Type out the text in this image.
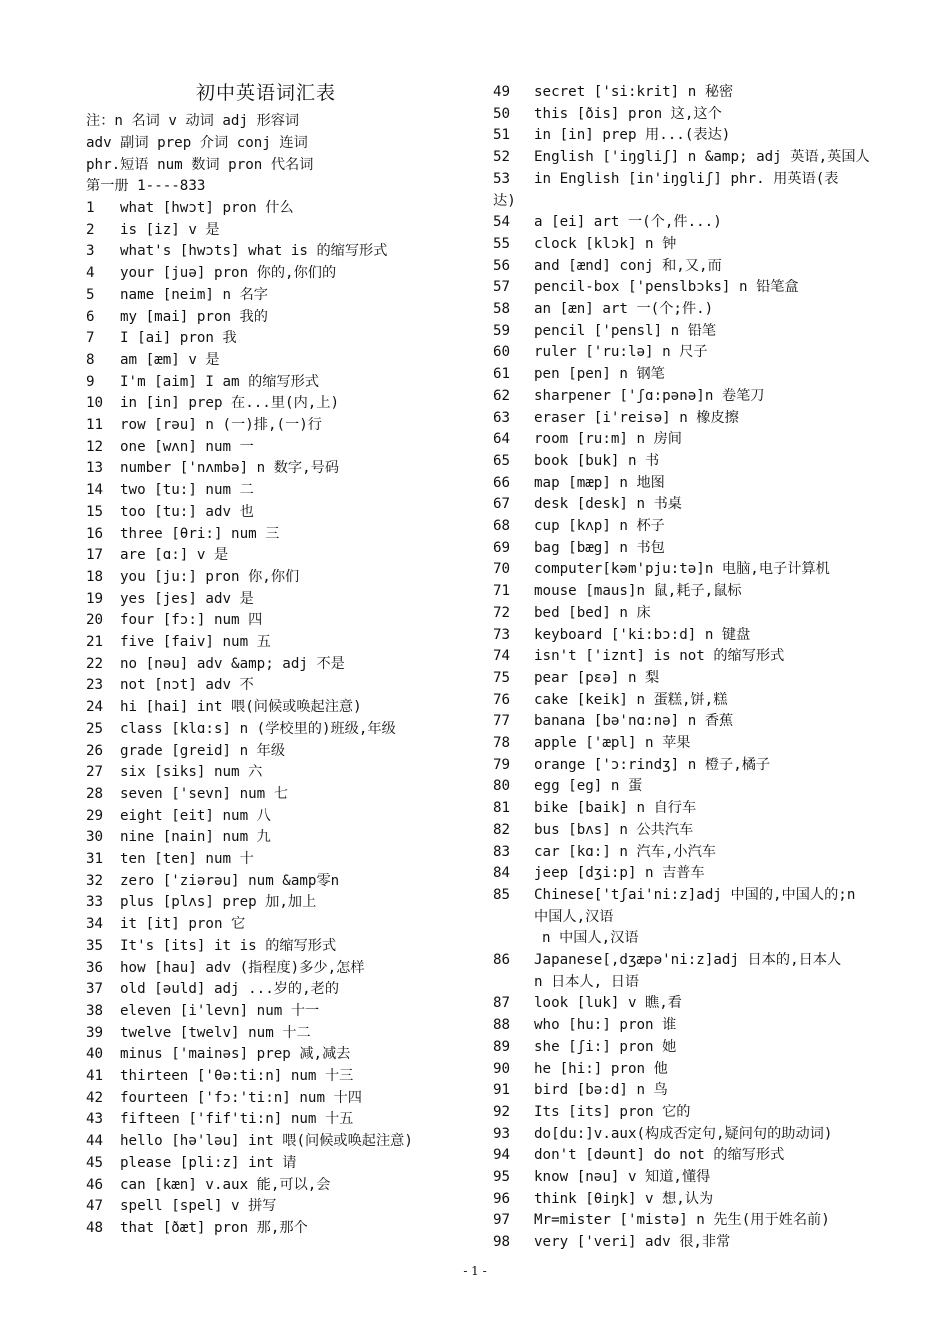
初中英语词汇表
注：n 名词 v 动词 adj 形容词
adv 副词 prep 介词 conj 连词
phr.短语 num 数词 pron 代名词
第一册 1----833
1 what [hwɔt] pron 什么
2 is [iz] v 是
3 what's [hwɔts] what is 的缩写形式
4 your [juə] pron 你的,你们的
5 name [neim] n 名字
6 my [mai] pron 我的
7 I [ai] pron 我
8 am [æm] v 是
9 I'm [aim] I am 的缩写形式
10 in [in] prep 在...里(内,上)
11 row [rəu] n (一)排,(一)行
12 one [wʌn] num 一
13 number ['nʌmbə] n 数字,号码
14 two [tu:] num 二
15 too [tu:] adv 也
16 three [θri:] num 三
17 are [ɑ:] v 是
18 you [ju:] pron 你,你们
19 yes [jes] adv 是
20 four [fɔ:] num 四
21 five [faiv] num 五
22 no [nəu] adv &amp; adj 不是
23 not [nɔt] adv 不
24 hi [hai] int 喂(问候或唤起注意)
25 class [klɑ:s] n (学校里的)班级,年级
26 grade [greid] n 年级
27 six [siks] num 六
28 seven ['sevn] num 七
29 eight [eit] num 八
30 nine [nain] num 九
31 ten [ten] num 十
32 zero ['ziərəu] num &amp零n
33 plus [plʌs] prep 加,加上
34 it [it] pron 它
35 It's [its] it is 的缩写形式
36 how [hau] adv (指程度)多少,怎样
37 old [əuld] adj ...岁的,老的
38 eleven [i'levn] num 十一
39 twelve [twelv] num 十二
40 minus ['mainəs] prep 减,减去
41 thirteen ['θə:ti:n] num 十三
42 fourteen ['fɔ:'ti:n] num 十四
43 fifteen ['fif'ti:n] num 十五
44 hello [hə'ləu] int 喂(问候或唤起注意)
45 please [pli:z] int 请
46 can [kæn] v.aux 能,可以,会
47 spell [spel] v 拼写
48 that [ðæt] pron 那,那个
49 secret ['si:krit] n 秘密
50 this [ðis] pron 这,这个
51 in [in] prep 用...(表达)
52 English ['iŋgliʃ] n &amp; adj 英语,英国人
53 in English [in'iŋgliʃ] phr. 用英语(表
达)
54 a [ei] art 一(个,件...)
55 clock [klɔk] n 钟
56 and [ænd] conj 和,又,而
57 pencil-box ['penslbɔks] n 铅笔盒
58 an [æn] art 一(个;件.)
59 pencil ['pensl] n 铅笔
60 ruler ['ru:lə] n 尺子
61 pen [pen] n 钢笔
62 sharpener ['ʃɑ:pənə]n 卷笔刀
63 eraser [i'reisə] n 橡皮擦
64 room [ru:m] n 房间
65 book [buk] n 书
66 map [mæp] n 地图
67 desk [desk] n 书桌
68 cup [kʌp] n 杯子
69 bag [bæg] n 书包
70 computer[kəm'pju:tə]n 电脑,电子计算机
71 mouse [maus]n 鼠,耗子,鼠标
72 bed [bed] n 床
73 keyboard ['ki:bɔ:d] n 键盘
74 isn't ['iznt] is not 的缩写形式
75 pear [pεə] n 梨
76 cake [keik] n 蛋糕,饼,糕
77 banana [bə'nɑ:nə] n 香蕉
78 apple ['æpl] n 苹果
79 orange ['ɔ:rindʒ] n 橙子,橘子
80 egg [eg] n 蛋
81 bike [baik] n 自行车
82 bus [bʌs] n 公共汽车
83 car [kɑ:] n 汽车,小汽车
84 jeep [dʒi:p] n 吉普车
85 Chinese['tʃai'ni:z]adj 中国的,中国人的;n
中国人,汉语
n 中国人,汉语
86 Japanese[,dʒæpə'ni:z]adj 日本的,日本人
n 日本人, 日语
87 look [luk] v 瞧,看
88 who [hu:] pron 谁
89 she [ʃi:] pron 她
90 he [hi:] pron 他
91 bird [bə:d] n 鸟
92 Its [its] pron 它的
93 do[du:]v.aux(构成否定句,疑问句的助动词)
94 don't [dəunt] do not 的缩写形式
95 know [nəu] v 知道,懂得
96 think [θiŋk] v 想,认为
97 Mr=mister ['mistə] n 先生(用于姓名前)
98 very ['veri] adv 很,非常
- 1 -
